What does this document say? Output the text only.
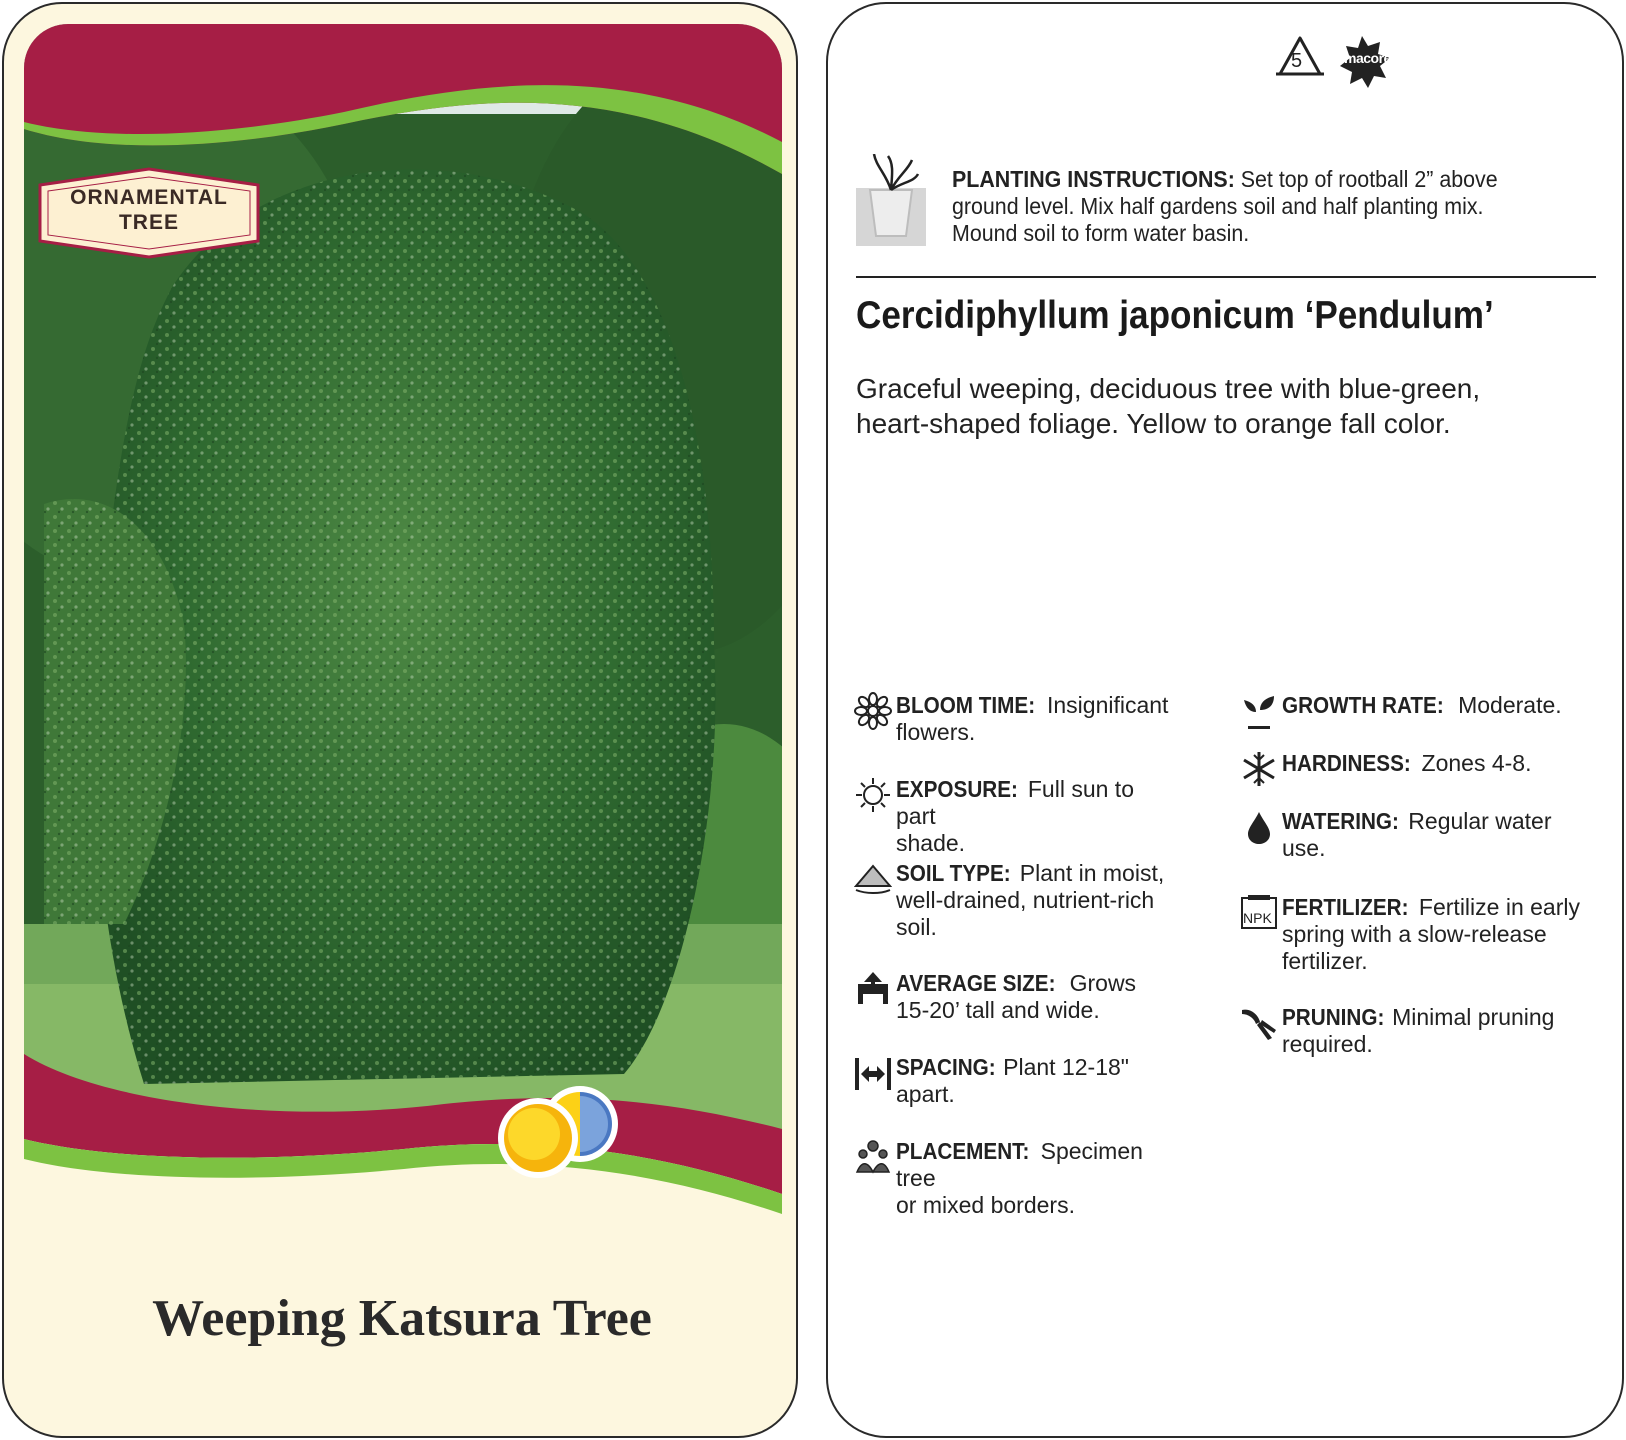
ORNAMENTAL
TREE
Weeping Katsura Tree
5	macore
PLANTING INSTRUCTIONS: Set top of rootball 2” above
ground level. Mix half gardens soil and half planting mix.
Mound soil to form water basin.
Cercidiphyllum japonicum ‘Pendulum’
Graceful weeping, deciduous tree with blue-green,
heart-shaped foliage. Yellow to orange fall color.
BLOOM TIME: Insignificant
flowers.
EXPOSURE: Full sun to part
shade.
SOIL TYPE: Plant in moist,
well-drained, nutrient-rich
soil.
AVERAGE SIZE: Grows
15-20’ tall and wide.
SPACING: Plant 12-18"
apart.
PLACEMENT: Specimen tree
or mixed borders.
GROWTH RATE: Moderate.
HARDINESS: Zones 4-8.
WATERING: Regular water
use.
NPK FERTILIZER: Fertilize in early
spring with a slow-release
fertilizer.
PRUNING: Minimal pruning
required.
